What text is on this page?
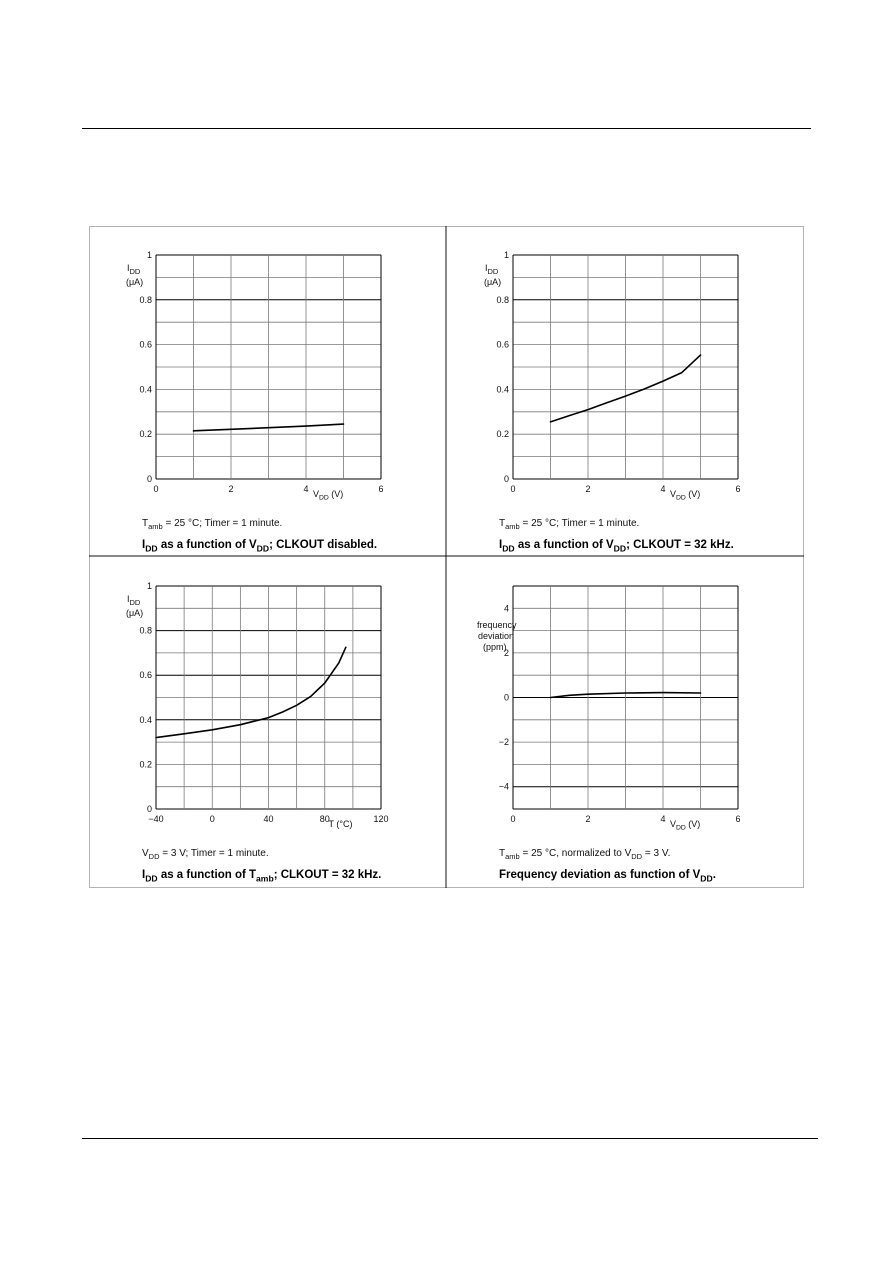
0
0.2
0.4
0.6
0.8
1
0	2	4	6
$V_{DD}$ (V)
$I_{DD}$
(μA)
$T_{amb} = 25$ °C; Timer = 1 minute.
$I_{DD}$ as a function of $V_{DD}$; CLKOUT disabled.
0
0.2
0.4
0.6
0.8
1
0	2	4	6
$V_{DD}$ (V)
$I_{DD}$
(μA)
$T_{amb} = 25$ °C; Timer = 1 minute.
$I_{DD}$ as a function of $V_{DD}$; CLKOUT = 32 kHz.
0
0.2
0.4
0.6
0.8
1
−40	0	40	80	120
T (°C)
$I_{DD}$
(μA)
$V_{DD} = 3$ V; Timer = 1 minute.
$I_{DD}$ as a function of $T_{amb}$; CLKOUT = 32 kHz.
4
2
0
−2
−4
0	2	4	6
$V_{DD}$ (V)
frequency deviation (ppm)
$T_{amb} = 25$ °C, normalized to $V_{DD} = 3$ V.
Frequency deviation as function of $V_{DD}$.
